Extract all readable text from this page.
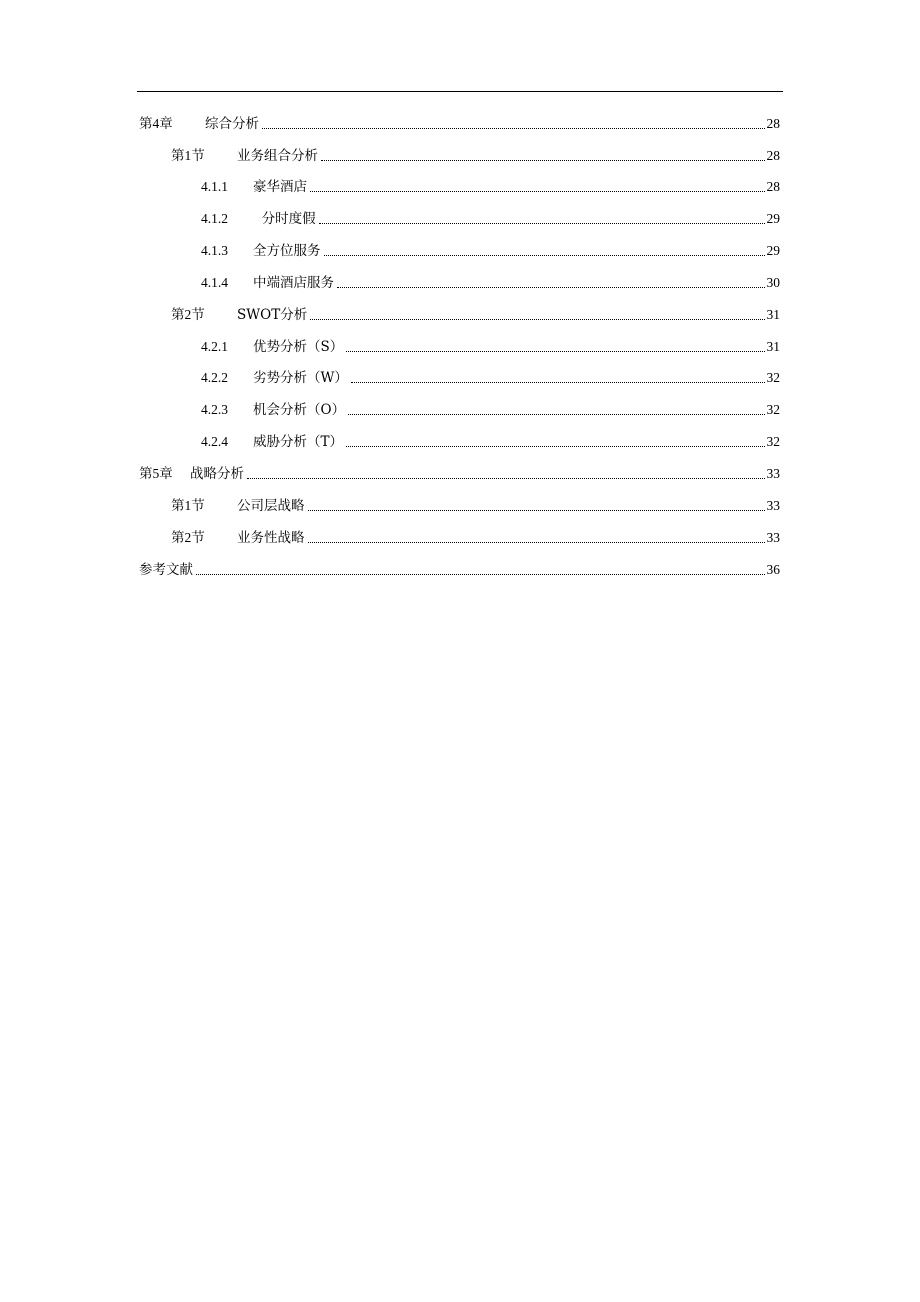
第4章	综合分析	28
第1节	业务组合分析	28
4.1.1	豪华酒店	28
4.1.2	分时度假	29
4.1.3	全方位服务	29
4.1.4	中端酒店服务	30
第2节	SWOT分析	31
4.2.1	优势分析（S）	31
4.2.2	劣势分析（W）	32
4.2.3	机会分析（O）	32
4.2.4	威胁分析（T）	32
第5章	战略分析	33
第1节	公司层战略	33
第2节	业务性战略	33
参考文献	36
